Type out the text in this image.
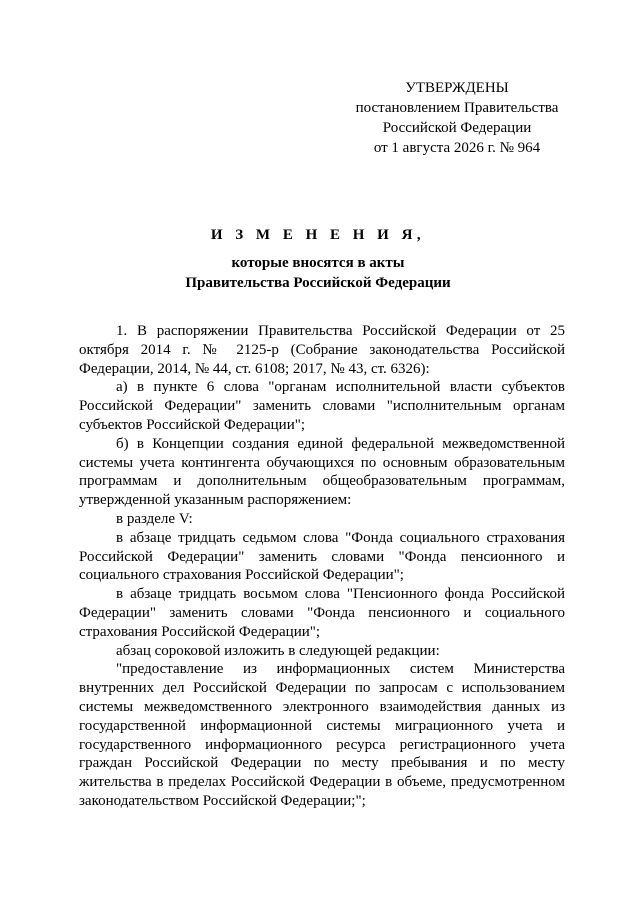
УТВЕРЖДЕНЫ
постановлением Правительства
Российской Федерации
от 1 августа 2026 г. № 964
И З М Е Н Е Н И Я,
которые вносятся в акты
Правительства Российской Федерации

1. В распоряжении Правительства Российской Федерации от 25 октября 2014 г. № 2125-р (Собрание законодательства Российской Федерации, 2014, № 44, ст. 6108; 2017, № 43, ст. 6326):

а) в пункте 6 слова "органам исполнительной власти субъектов Российской Федерации" заменить словами "исполнительным органам субъектов Российской Федерации";

б) в Концепции создания единой федеральной межведомственной системы учета контингента обучающихся по основным образовательным программам и дополнительным общеобразовательным программам, утвержденной указанным распоряжением:

в разделе V:

в абзаце тридцать седьмом слова "Фонда социального страхования Российской Федерации" заменить словами "Фонда пенсионного и социального страхования Российской Федерации";

в абзаце тридцать восьмом слова "Пенсионного фонда Российской Федерации" заменить словами "Фонда пенсионного и социального страхования Российской Федерации";

абзац сороковой изложить в следующей редакции:

"предоставление из информационных систем Министерства внутренних дел Российской Федерации по запросам с использованием системы межведомственного электронного взаимодействия данных из государственной информационной системы миграционного учета и государственного информационного ресурса регистрационного учета граждан Российской Федерации по месту пребывания и по месту жительства в пределах Российской Федерации в объеме, предусмотренном законодательством Российской Федерации;";
